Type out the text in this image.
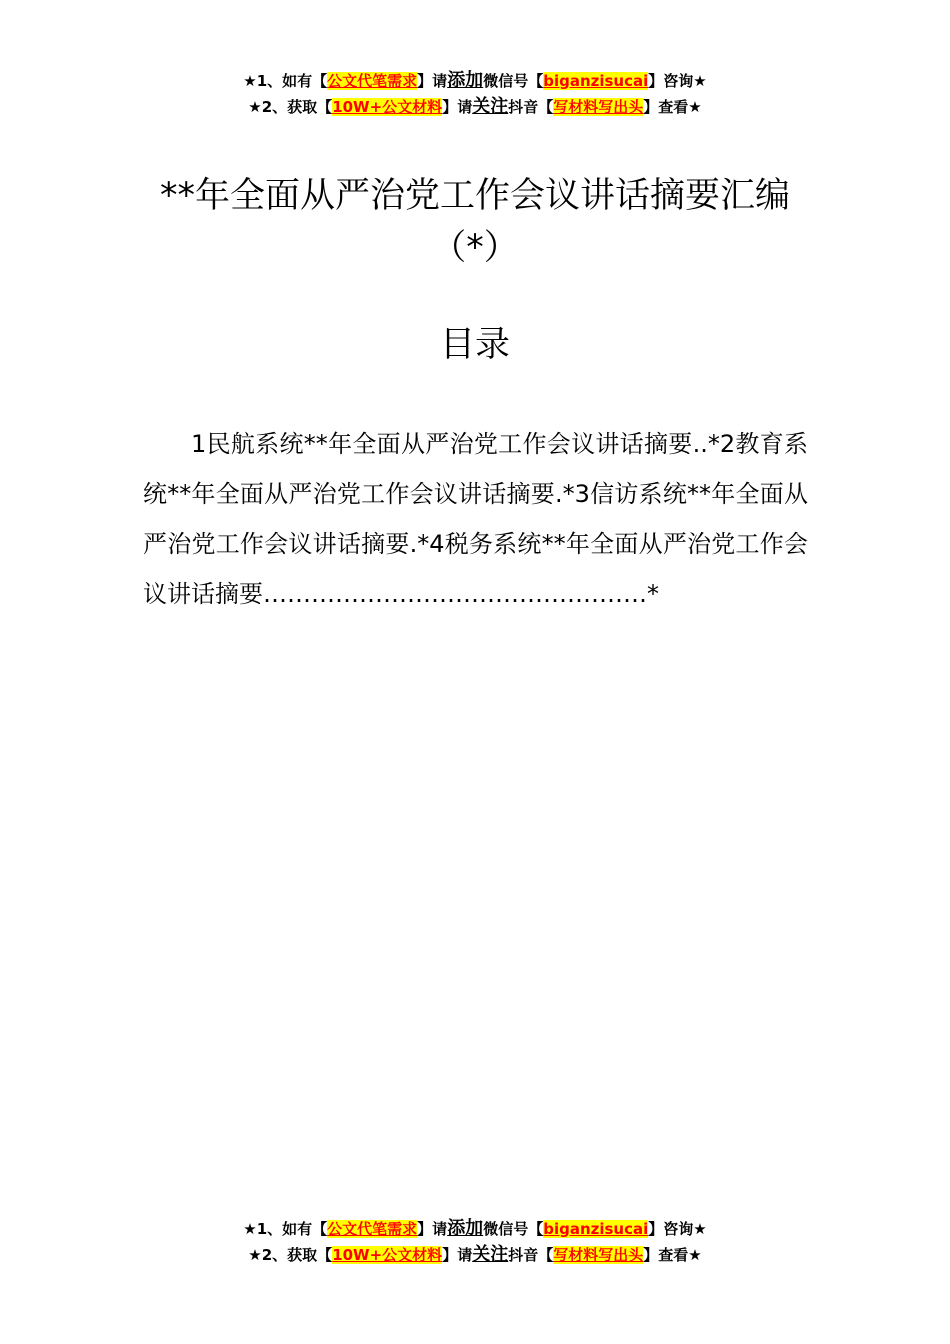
★1、如有【公文代笔需求】请添加微信号【biganzisucai】咨询★
★2、获取【10W+公文材料】请关注抖音【写材料写出头】查看★
**年全面从严治党工作会议讲话摘要汇编
（*）
目录
1民航系统**年全面从严治党工作会议讲话摘要..*2教育系统**年全面从严治党工作会议讲话摘要.*3信访系统**年全面从严治党工作会议讲话摘要.*4税务系统**年全面从严治党工作会议讲话摘要…………………………………………*
★1、如有【公文代笔需求】请添加微信号【biganzisucai】咨询★
★2、获取【10W+公文材料】请关注抖音【写材料写出头】查看★
